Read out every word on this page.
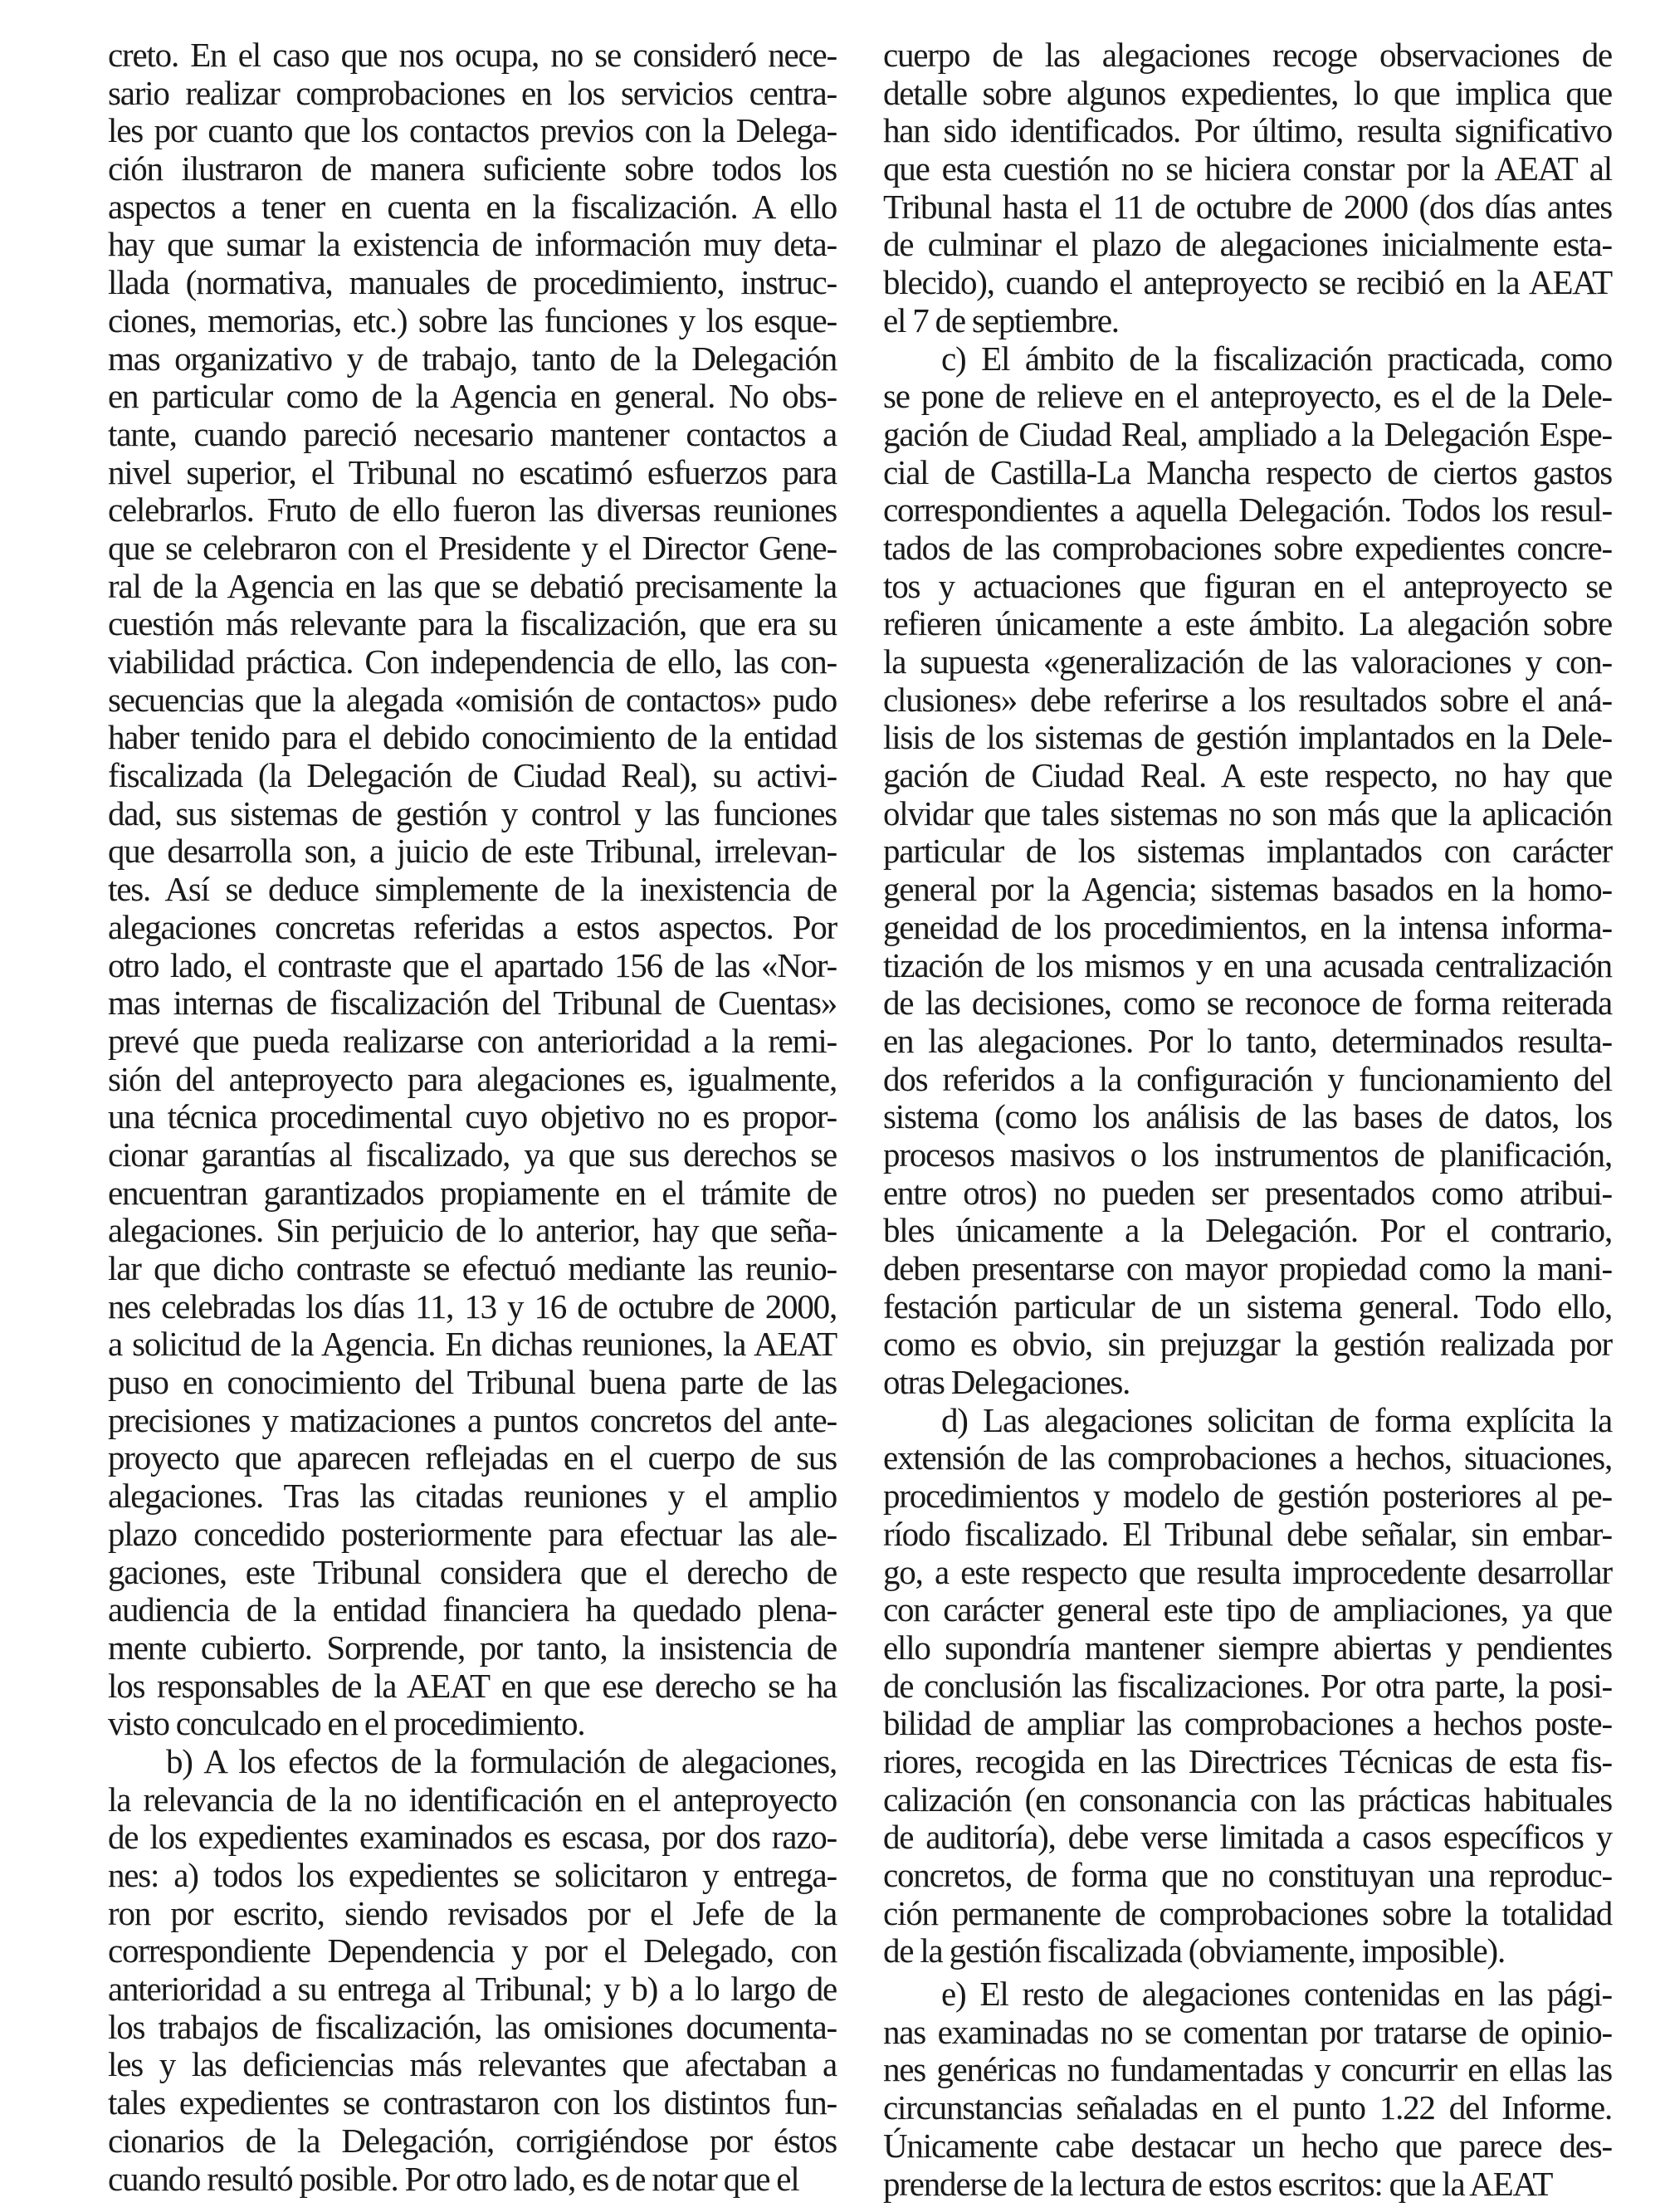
creto. En el caso que nos ocupa, no se consideró nece-
sario realizar comprobaciones en los servicios centra-
les por cuanto que los contactos previos con la Delega-
ción ilustraron de manera suficiente sobre todos los
aspectos a tener en cuenta en la fiscalización. A ello
hay que sumar la existencia de información muy deta-
llada (normativa, manuales de procedimiento, instruc-
ciones, memorias, etc.) sobre las funciones y los esque-
mas organizativo y de trabajo, tanto de la Delegación
en particular como de la Agencia en general. No obs-
tante, cuando pareció necesario mantener contactos a
nivel superior, el Tribunal no escatimó esfuerzos para
celebrarlos. Fruto de ello fueron las diversas reuniones
que se celebraron con el Presidente y el Director Gene-
ral de la Agencia en las que se debatió precisamente la
cuestión más relevante para la fiscalización, que era su
viabilidad práctica. Con independencia de ello, las con-
secuencias que la alegada «omisión de contactos» pudo
haber tenido para el debido conocimiento de la entidad
fiscalizada (la Delegación de Ciudad Real), su activi-
dad, sus sistemas de gestión y control y las funciones
que desarrolla son, a juicio de este Tribunal, irrelevan-
tes. Así se deduce simplemente de la inexistencia de
alegaciones concretas referidas a estos aspectos. Por
otro lado, el contraste que el apartado 156 de las «Nor-
mas internas de fiscalización del Tribunal de Cuentas»
prevé que pueda realizarse con anterioridad a la remi-
sión del anteproyecto para alegaciones es, igualmente,
una técnica procedimental cuyo objetivo no es propor-
cionar garantías al fiscalizado, ya que sus derechos se
encuentran garantizados propiamente en el trámite de
alegaciones. Sin perjuicio de lo anterior, hay que seña-
lar que dicho contraste se efectuó mediante las reunio-
nes celebradas los días 11, 13 y 16 de octubre de 2000,
a solicitud de la Agencia. En dichas reuniones, la AEAT
puso en conocimiento del Tribunal buena parte de las
precisiones y matizaciones a puntos concretos del ante-
proyecto que aparecen reflejadas en el cuerpo de sus
alegaciones. Tras las citadas reuniones y el amplio
plazo concedido posteriormente para efectuar las ale-
gaciones, este Tribunal considera que el derecho de
audiencia de la entidad financiera ha quedado plena-
mente cubierto. Sorprende, por tanto, la insistencia de
los responsables de la AEAT en que ese derecho se ha
visto conculcado en el procedimiento.
b) A los efectos de la formulación de alegaciones,
la relevancia de la no identificación en el anteproyecto
de los expedientes examinados es escasa, por dos razo-
nes: a) todos los expedientes se solicitaron y entrega-
ron por escrito, siendo revisados por el Jefe de la
correspondiente Dependencia y por el Delegado, con
anterioridad a su entrega al Tribunal; y b) a lo largo de
los trabajos de fiscalización, las omisiones documenta-
les y las deficiencias más relevantes que afectaban a
tales expedientes se contrastaron con los distintos fun-
cionarios de la Delegación, corrigiéndose por éstos
cuando resultó posible. Por otro lado, es de notar que el
cuerpo de las alegaciones recoge observaciones de
detalle sobre algunos expedientes, lo que implica que
han sido identificados. Por último, resulta significativo
que esta cuestión no se hiciera constar por la AEAT al
Tribunal hasta el 11 de octubre de 2000 (dos días antes
de culminar el plazo de alegaciones inicialmente esta-
blecido), cuando el anteproyecto se recibió en la AEAT
el 7 de septiembre.
c) El ámbito de la fiscalización practicada, como
se pone de relieve en el anteproyecto, es el de la Dele-
gación de Ciudad Real, ampliado a la Delegación Espe-
cial de Castilla-La Mancha respecto de ciertos gastos
correspondientes a aquella Delegación. Todos los resul-
tados de las comprobaciones sobre expedientes concre-
tos y actuaciones que figuran en el anteproyecto se
refieren únicamente a este ámbito. La alegación sobre
la supuesta «generalización de las valoraciones y con-
clusiones» debe referirse a los resultados sobre el aná-
lisis de los sistemas de gestión implantados en la Dele-
gación de Ciudad Real. A este respecto, no hay que
olvidar que tales sistemas no son más que la aplicación
particular de los sistemas implantados con carácter
general por la Agencia; sistemas basados en la homo-
geneidad de los procedimientos, en la intensa informa-
tización de los mismos y en una acusada centralización
de las decisiones, como se reconoce de forma reiterada
en las alegaciones. Por lo tanto, determinados resulta-
dos referidos a la configuración y funcionamiento del
sistema (como los análisis de las bases de datos, los
procesos masivos o los instrumentos de planificación,
entre otros) no pueden ser presentados como atribui-
bles únicamente a la Delegación. Por el contrario,
deben presentarse con mayor propiedad como la mani-
festación particular de un sistema general. Todo ello,
como es obvio, sin prejuzgar la gestión realizada por
otras Delegaciones.
d) Las alegaciones solicitan de forma explícita la
extensión de las comprobaciones a hechos, situaciones,
procedimientos y modelo de gestión posteriores al pe-
ríodo fiscalizado. El Tribunal debe señalar, sin embar-
go, a este respecto que resulta improcedente desarrollar
con carácter general este tipo de ampliaciones, ya que
ello supondría mantener siempre abiertas y pendientes
de conclusión las fiscalizaciones. Por otra parte, la posi-
bilidad de ampliar las comprobaciones a hechos poste-
riores, recogida en las Directrices Técnicas de esta fis-
calización (en consonancia con las prácticas habituales
de auditoría), debe verse limitada a casos específicos y
concretos, de forma que no constituyan una reproduc-
ción permanente de comprobaciones sobre la totalidad
de la gestión fiscalizada (obviamente, imposible).
e) El resto de alegaciones contenidas en las pági-
nas examinadas no se comentan por tratarse de opinio-
nes genéricas no fundamentadas y concurrir en ellas las
circunstancias señaladas en el punto 1.22 del Informe.
Únicamente cabe destacar un hecho que parece des-
prenderse de la lectura de estos escritos: que la AEAT
